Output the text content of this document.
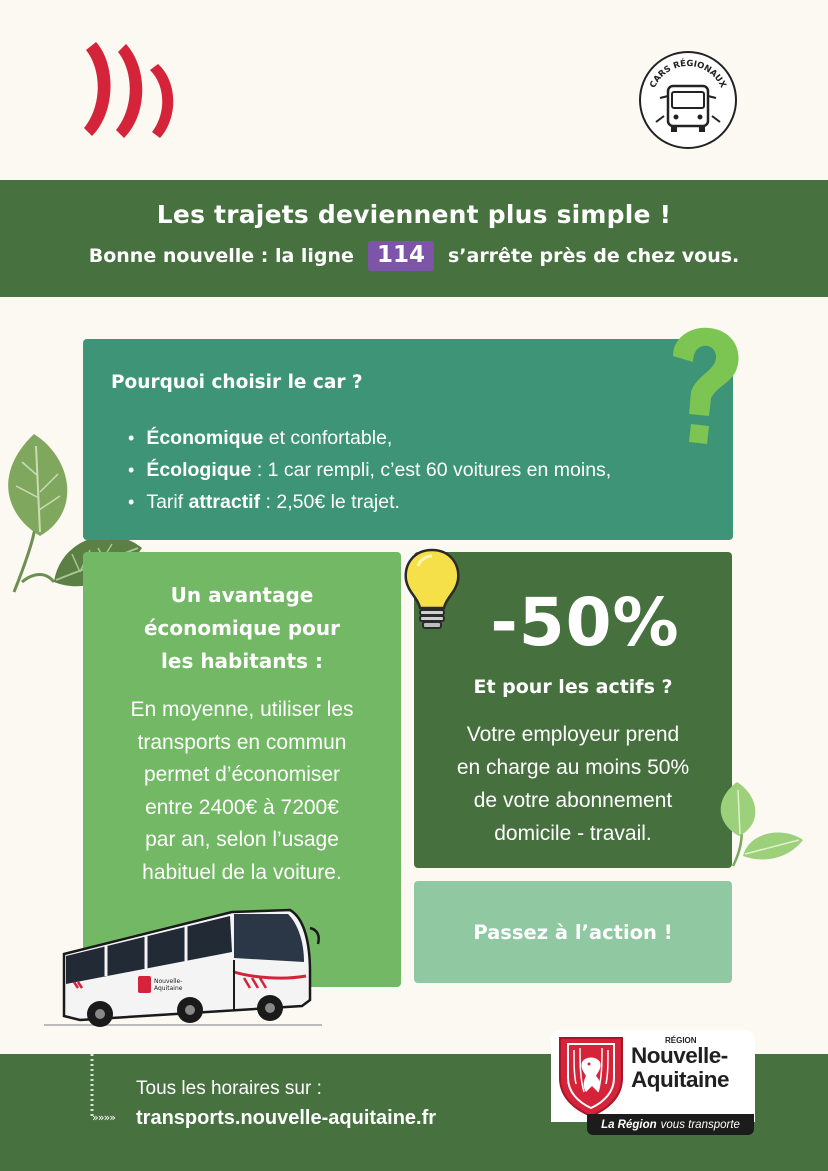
CARS RÉGIONAUX
Les trajets deviennent plus simple !
Bonne nouvelle : la ligne	114	s’arrête près de chez vous.
Pourquoi choisir le car ?
• Économique et confortable,
• Écologique : 1 car rempli, c’est 60 voitures en moins,
• Tarif attractif : 2,50€ le trajet.
Un avantage
économique pour
les habitants :

En moyenne, utiliser les
transports en commun
permet d’économiser
entre 2400€ à 7200€
par an, selon l’usage
habituel de la voiture.

-50%
Et pour les actifs ?

Votre employeur prend
en charge au moins 50%
de votre abonnement
domicile - travail.

Passez à l’action !
Nouvelle-
Aquitaine
»»»»
Tous les horaires sur :
transports.nouvelle-aquitaine.fr
RÉGION
Nouvelle-
Aquitaine
La Région vous transporte
